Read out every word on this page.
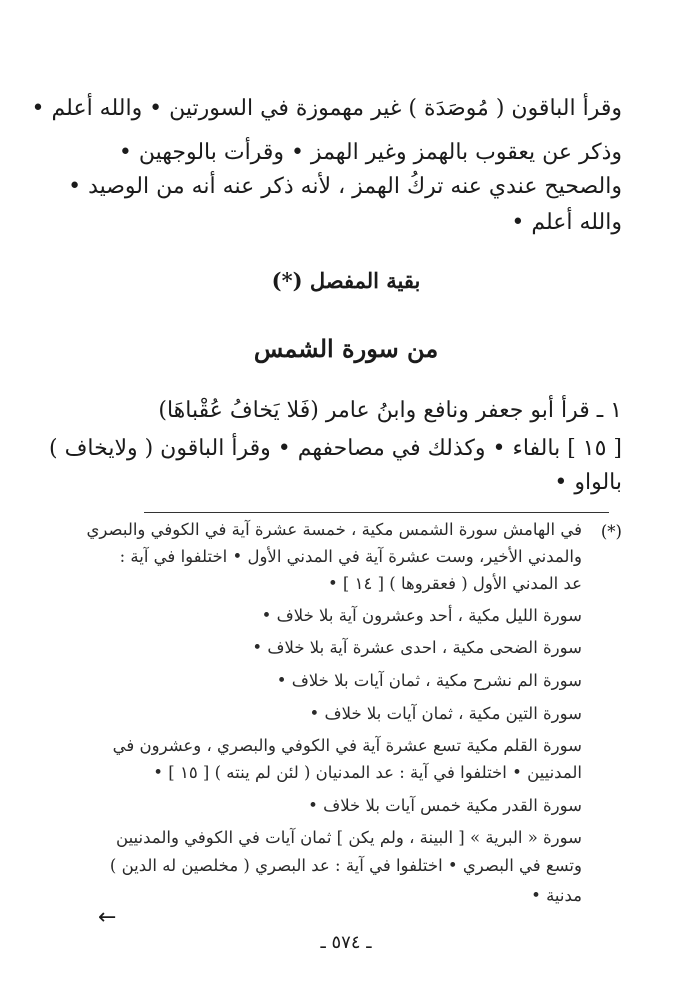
وقرأ الباقون ( مُوصَدَة ) غير مهموزة في السورتين • والله أعلم •
وذكر عن يعقوب بالهمز وغير الهمز • وقرأت بالوجهين •
والصحيح عندي عنه تركُ الهمز ، لأنه ذكر عنه أنه من الوصيد •
والله أعلم •
بقية المفصل (*)
من سورة الشمس
١ ـ قرأ أبو جعفر ونافع وابنُ عامر (فَلا يَخافُ عُقْباهَا)
[ ١٥ ] بالفاء • وكذلك في مصاحفهم • وقرأ الباقون ( ولايخاف )
بالواو •
(*)
في الهامش سورة الشمس مكية ، خمسة عشرة آية في الكوفي والبصري
والمدني الأخير، وست عشرة آية في المدني الأول • اختلفوا في آية :
عد المدني الأول ( فعقروها ) [ ١٤ ] •
سورة الليل مكية ، أحد وعشرون آية بلا خلاف •
سورة الضحى مكية ، احدى عشرة آية بلا خلاف •
سورة الم نشرح مكية ، ثمان آيات بلا خلاف •
سورة التين مكية ، ثمان آيات بلا خلاف •
سورة القلم مكية تسع عشرة آية في الكوفي والبصري ، وعشرون في
المدنيين • اختلفوا في آية : عد المدنيان ( لئن لم ينته ) [ ١٥ ] •
سورة القدر مكية خمس آيات بلا خلاف •
سورة « البرية » [ البينة ، ولم يكن ] ثمان آيات في الكوفي والمدنيين
وتسع في البصري • اختلفوا في آية : عد البصري ( مخلصين له الدين )
مدنية •
←
ـ ٥٧٤ ـ
